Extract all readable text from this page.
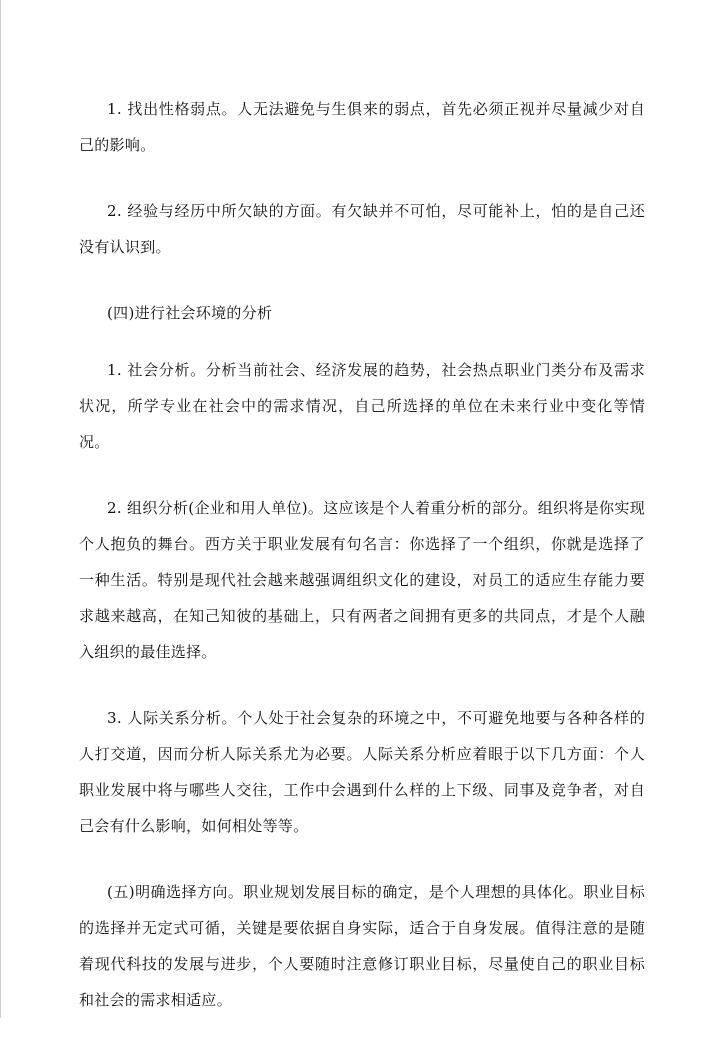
1. 找出性格弱点。人无法避免与生俱来的弱点，首先必须正视并尽量减少对自己的影响。

2. 经验与经历中所欠缺的方面。有欠缺并不可怕，尽可能补上，怕的是自己还没有认识到。

(四)进行社会环境的分析

1. 社会分析。分析当前社会、经济发展的趋势，社会热点职业门类分布及需求状况，所学专业在社会中的需求情况，自己所选择的单位在未来行业中变化等情况。

2. 组织分析(企业和用人单位)。这应该是个人着重分析的部分。组织将是你实现个人抱负的舞台。西方关于职业发展有句名言：你选择了一个组织，你就是选择了一种生活。特别是现代社会越来越强调组织文化的建设，对员工的适应生存能力要求越来越高，在知己知彼的基础上，只有两者之间拥有更多的共同点，才是个人融入组织的最佳选择。

3. 人际关系分析。个人处于社会复杂的环境之中，不可避免地要与各种各样的人打交道，因而分析人际关系尤为必要。人际关系分析应着眼于以下几方面：个人职业发展中将与哪些人交往，工作中会遇到什么样的上下级、同事及竞争者，对自己会有什么影响，如何相处等等。

(五)明确选择方向。职业规划发展目标的确定，是个人理想的具体化。职业目标的选择并无定式可循，关键是要依据自身实际，适合于自身发展。值得注意的是随着现代科技的发展与进步，个人要随时注意修订职业目标，尽量使自己的职业目标和社会的需求相适应。
